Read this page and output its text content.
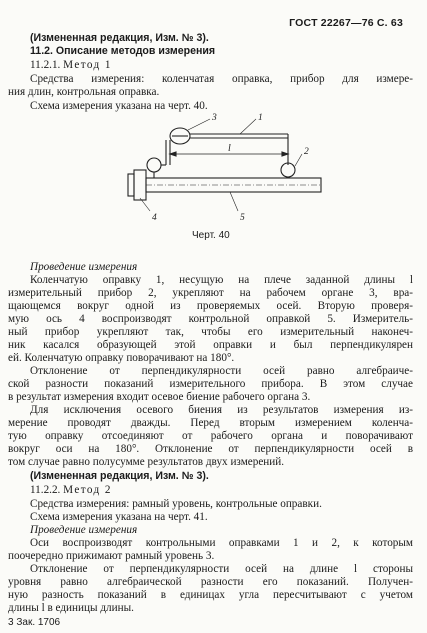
ГОСТ 22267—76 С. 63
(Измененная редакция, Изм. № 3).
11.2. Описание методов измерения
11.2.1. Метод 1
Средства измерения: коленчатая оправка, прибор для измере-
ния длин, контрольная оправка.
Схема измерения указана на черт. 40.
l
3	1
2
4	5
Черт. 40
Проведение измерения
Коленчатую оправку 1, несущую на плече заданной длины l
измерительный прибор 2, укрепляют на рабочем органе 3, вра-
щающемся вокруг одной из проверяемых осей. Вторую проверя-
мую ось 4 воспроизводят контрольной оправкой 5. Измеритель-
ный прибор укрепляют так, чтобы его измерительный наконеч-
ник касался образующей этой оправки и был перпендикулярен
ей. Коленчатую оправку поворачивают на 180°.
Отклонение от перпендикулярности осей равно алгебраиче-
ской разности показаний измерительного прибора. В этом случае
в результат измерения входит осевое биение рабочего органа 3.
Для исключения осевого биения из результатов измерения из-
мерение проводят дважды. Перед вторым измерением коленча-
тую оправку отсоединяют от рабочего органа и поворачивают
вокруг оси на 180°. Отклонение от перпендикулярности осей в
том случае равно полусумме результатов двух измерений.
(Измененная редакция, Изм. № 3).
11.2.2. Метод 2
Средства измерения: рамный уровень, контрольные оправки.
Схема измерения указана на черт. 41.
Проведение измерения
Оси воспроизводят контрольными оправками 1 и 2, к которым
поочередно прижимают рамный уровень 3.
Отклонение от перпендикулярности осей на длине l стороны
уровня равно алгебраической разности его показаний. Получен-
ную разность показаний в единицах угла пересчитывают с учетом
длины l в единицы длины.
3 Зак. 1706
